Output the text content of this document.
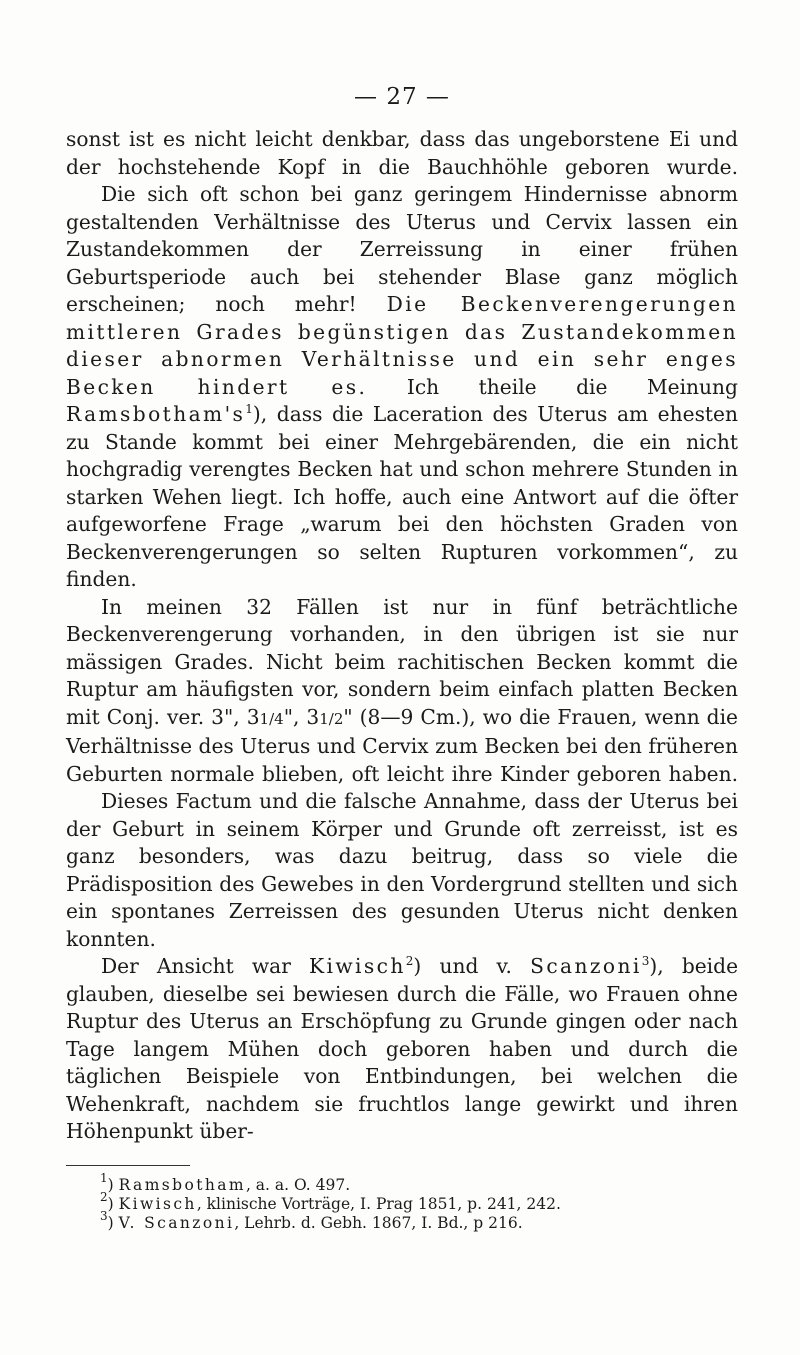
— 27 —

sonst ist es nicht leicht denkbar, dass das ungeborstene Ei und der hochstehende Kopf in die Bauchhöhle geboren wurde.

Die sich oft schon bei ganz geringem Hindernisse abnorm gestaltenden Verhältnisse des Uterus und Cervix lassen ein Zustandekommen der Zerreissung in einer frühen Geburtsperiode auch bei stehender Blase ganz möglich erscheinen; noch mehr! Die Beckenverengerungen mittleren Grades begünstigen das Zustandekommen dieser abnormen Verhältnisse und ein sehr enges Becken hindert es. Ich theile die Meinung $Ramsbotham's^1$), dass die Laceration des Uterus am ehesten zu Stande kommt bei einer Mehrgebärenden, die ein nicht hochgradig verengtes Becken hat und schon mehrere Stunden in starken Wehen liegt. Ich hoffe, auch eine Antwort auf die öfter aufgeworfene Frage „warum bei den höchsten Graden von Beckenverengerungen so selten Rupturen vorkommen“, zu finden.

In meinen 32 Fällen ist nur in fünf beträchtliche Beckenverengerung vorhanden, in den übrigen ist sie nur mässigen Grades. Nicht beim rachitischen Becken kommt die Ruptur am häufigsten vor, sondern beim einfach platten Becken mit Conj. ver. 3", 31/4", 31/2" (8—9 Cm.), wo die Frauen, wenn die Verhältnisse des Uterus und Cervix zum Becken bei den früheren Geburten normale blieben, oft leicht ihre Kinder geboren haben.

Dieses Factum und die falsche Annahme, dass der Uterus bei der Geburt in seinem Körper und Grunde oft zerreisst, ist es ganz besonders, was dazu beitrug, dass so viele die Prädisposition des Gewebes in den Vordergrund stellten und sich ein spontanes Zerreissen des gesunden Uterus nicht denken konnten.

Der Ansicht war Kiwisch$^2$) und v. Scanzoni$^3$), beide glauben, dieselbe sei bewiesen durch die Fälle, wo Frauen ohne Ruptur des Uterus an Erschöpfung zu Grunde gingen oder nach Tage langem Mühen doch geboren haben und durch die täglichen Beispiele von Entbindungen, bei welchen die Wehenkraft, nachdem sie fruchtlos lange gewirkt und ihren Höhenpunkt über-

$^1$) Ramsbotham, a. a. O. 497.

$^2$) Kiwisch, klinische Vorträge, I. Prag 1851, p. 241, 242.

$^3$) V. Scanzoni, Lehrb. d. Gebh. 1867, I. Bd., p 216.
